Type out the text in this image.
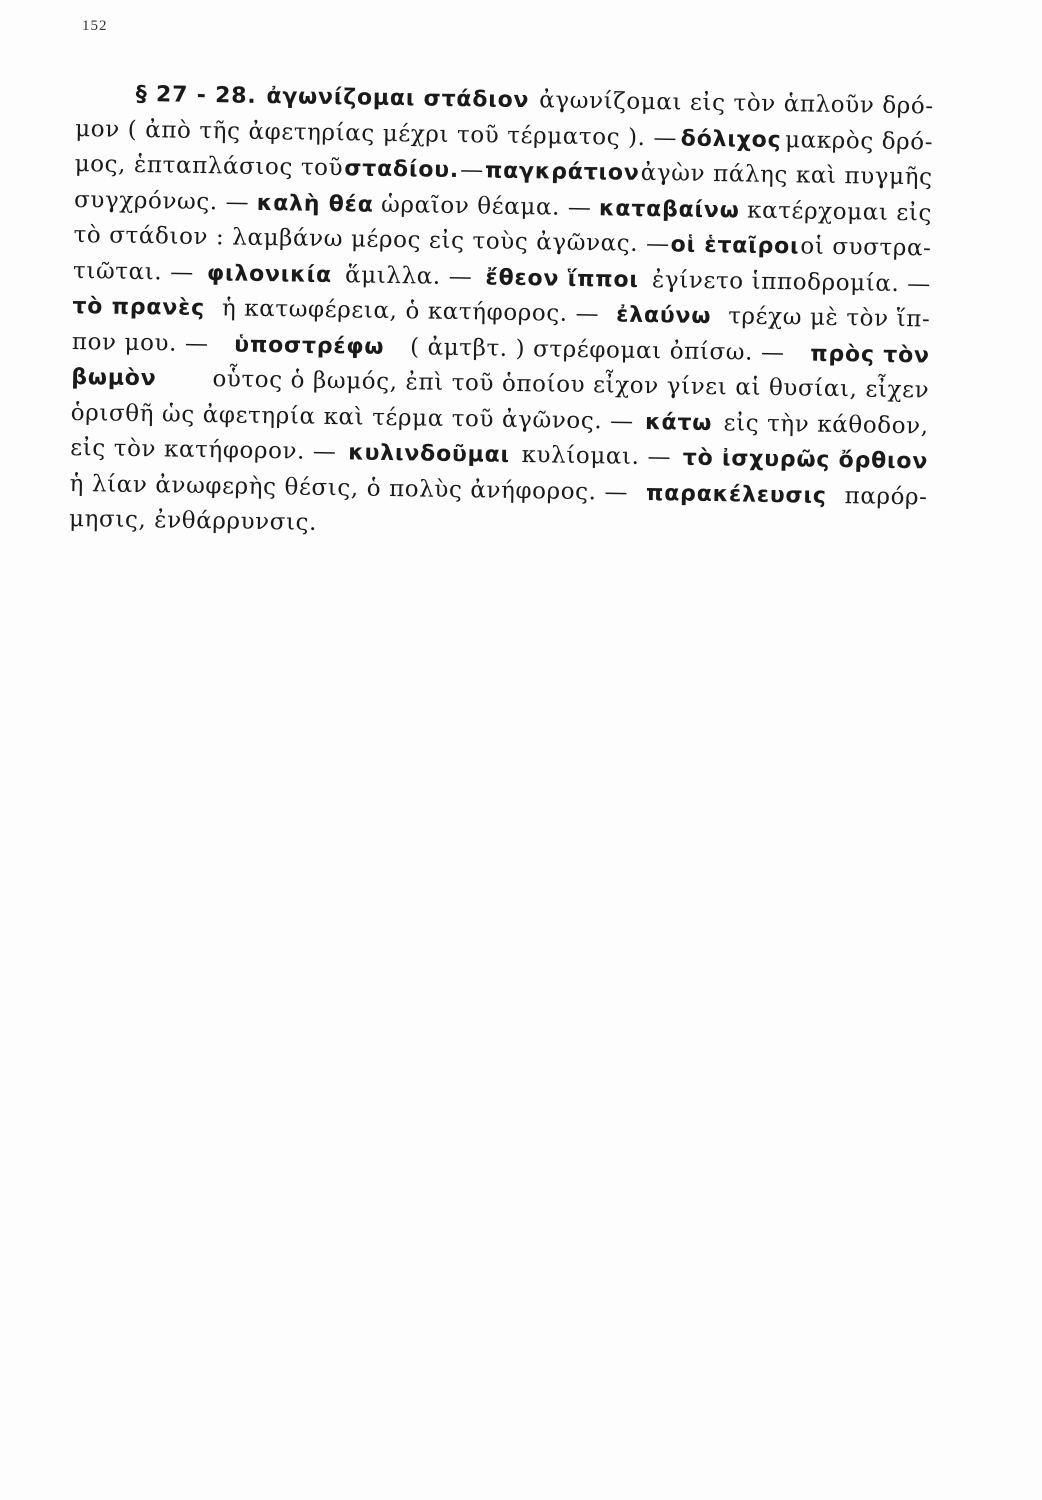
152
§ 27 - 28. ἀγωνίζομαι στάδιον ἀγωνίζομαι εἰς τὸν ἁπλοῦν δρό-
μον ( ἀπὸ τῆς ἀφετηρίας μέχρι τοῦ τέρματος ). — δόλιχος μακρὸς δρό-
μος, ἑπταπλάσιος τοῦ σταδίου. — παγκράτιον ἀγὼν πάλης καὶ πυγμῆς
συγχρόνως. — καλὴ θέα ὡραῖον θέαμα. — καταβαίνω κατέρχομαι εἰς
τὸ στάδιον : λαμβάνω μέρος εἰς τοὺς ἀγῶνας. — οἱ ἑταῖροι οἱ συστρα-
τιῶται. — φιλονικία ἅμιλλα. — ἔθεον ἵπποι ἐγίνετο ἱπποδρομία. —
τὸ πρανὲς ἡ κατωφέρεια, ὁ κατήφορος. — ἐλαύνω τρέχω μὲ τὸν ἵπ-
πον μου. — ὑποστρέφω ( ἀμτβτ. ) στρέφομαι ὀπίσω. — πρὸς τὸν
βωμὸν οὗτος ὁ βωμός, ἐπὶ τοῦ ὁποίου εἶχον γίνει αἱ θυσίαι, εἶχεν
ὁρισθῆ ὡς ἀφετηρία καὶ τέρμα τοῦ ἀγῶνος. — κάτω εἰς τὴν κάθοδον,
εἰς τὸν κατήφορον. — κυλινδοῦμαι κυλίομαι. — τὸ ἰσχυρῶς ὄρθιον
ἡ λίαν ἀνωφερὴς θέσις, ὁ πολὺς ἀνήφορος. — παρακέλευσις παρόρ-
μησις, ἐνθάρρυνσις.
